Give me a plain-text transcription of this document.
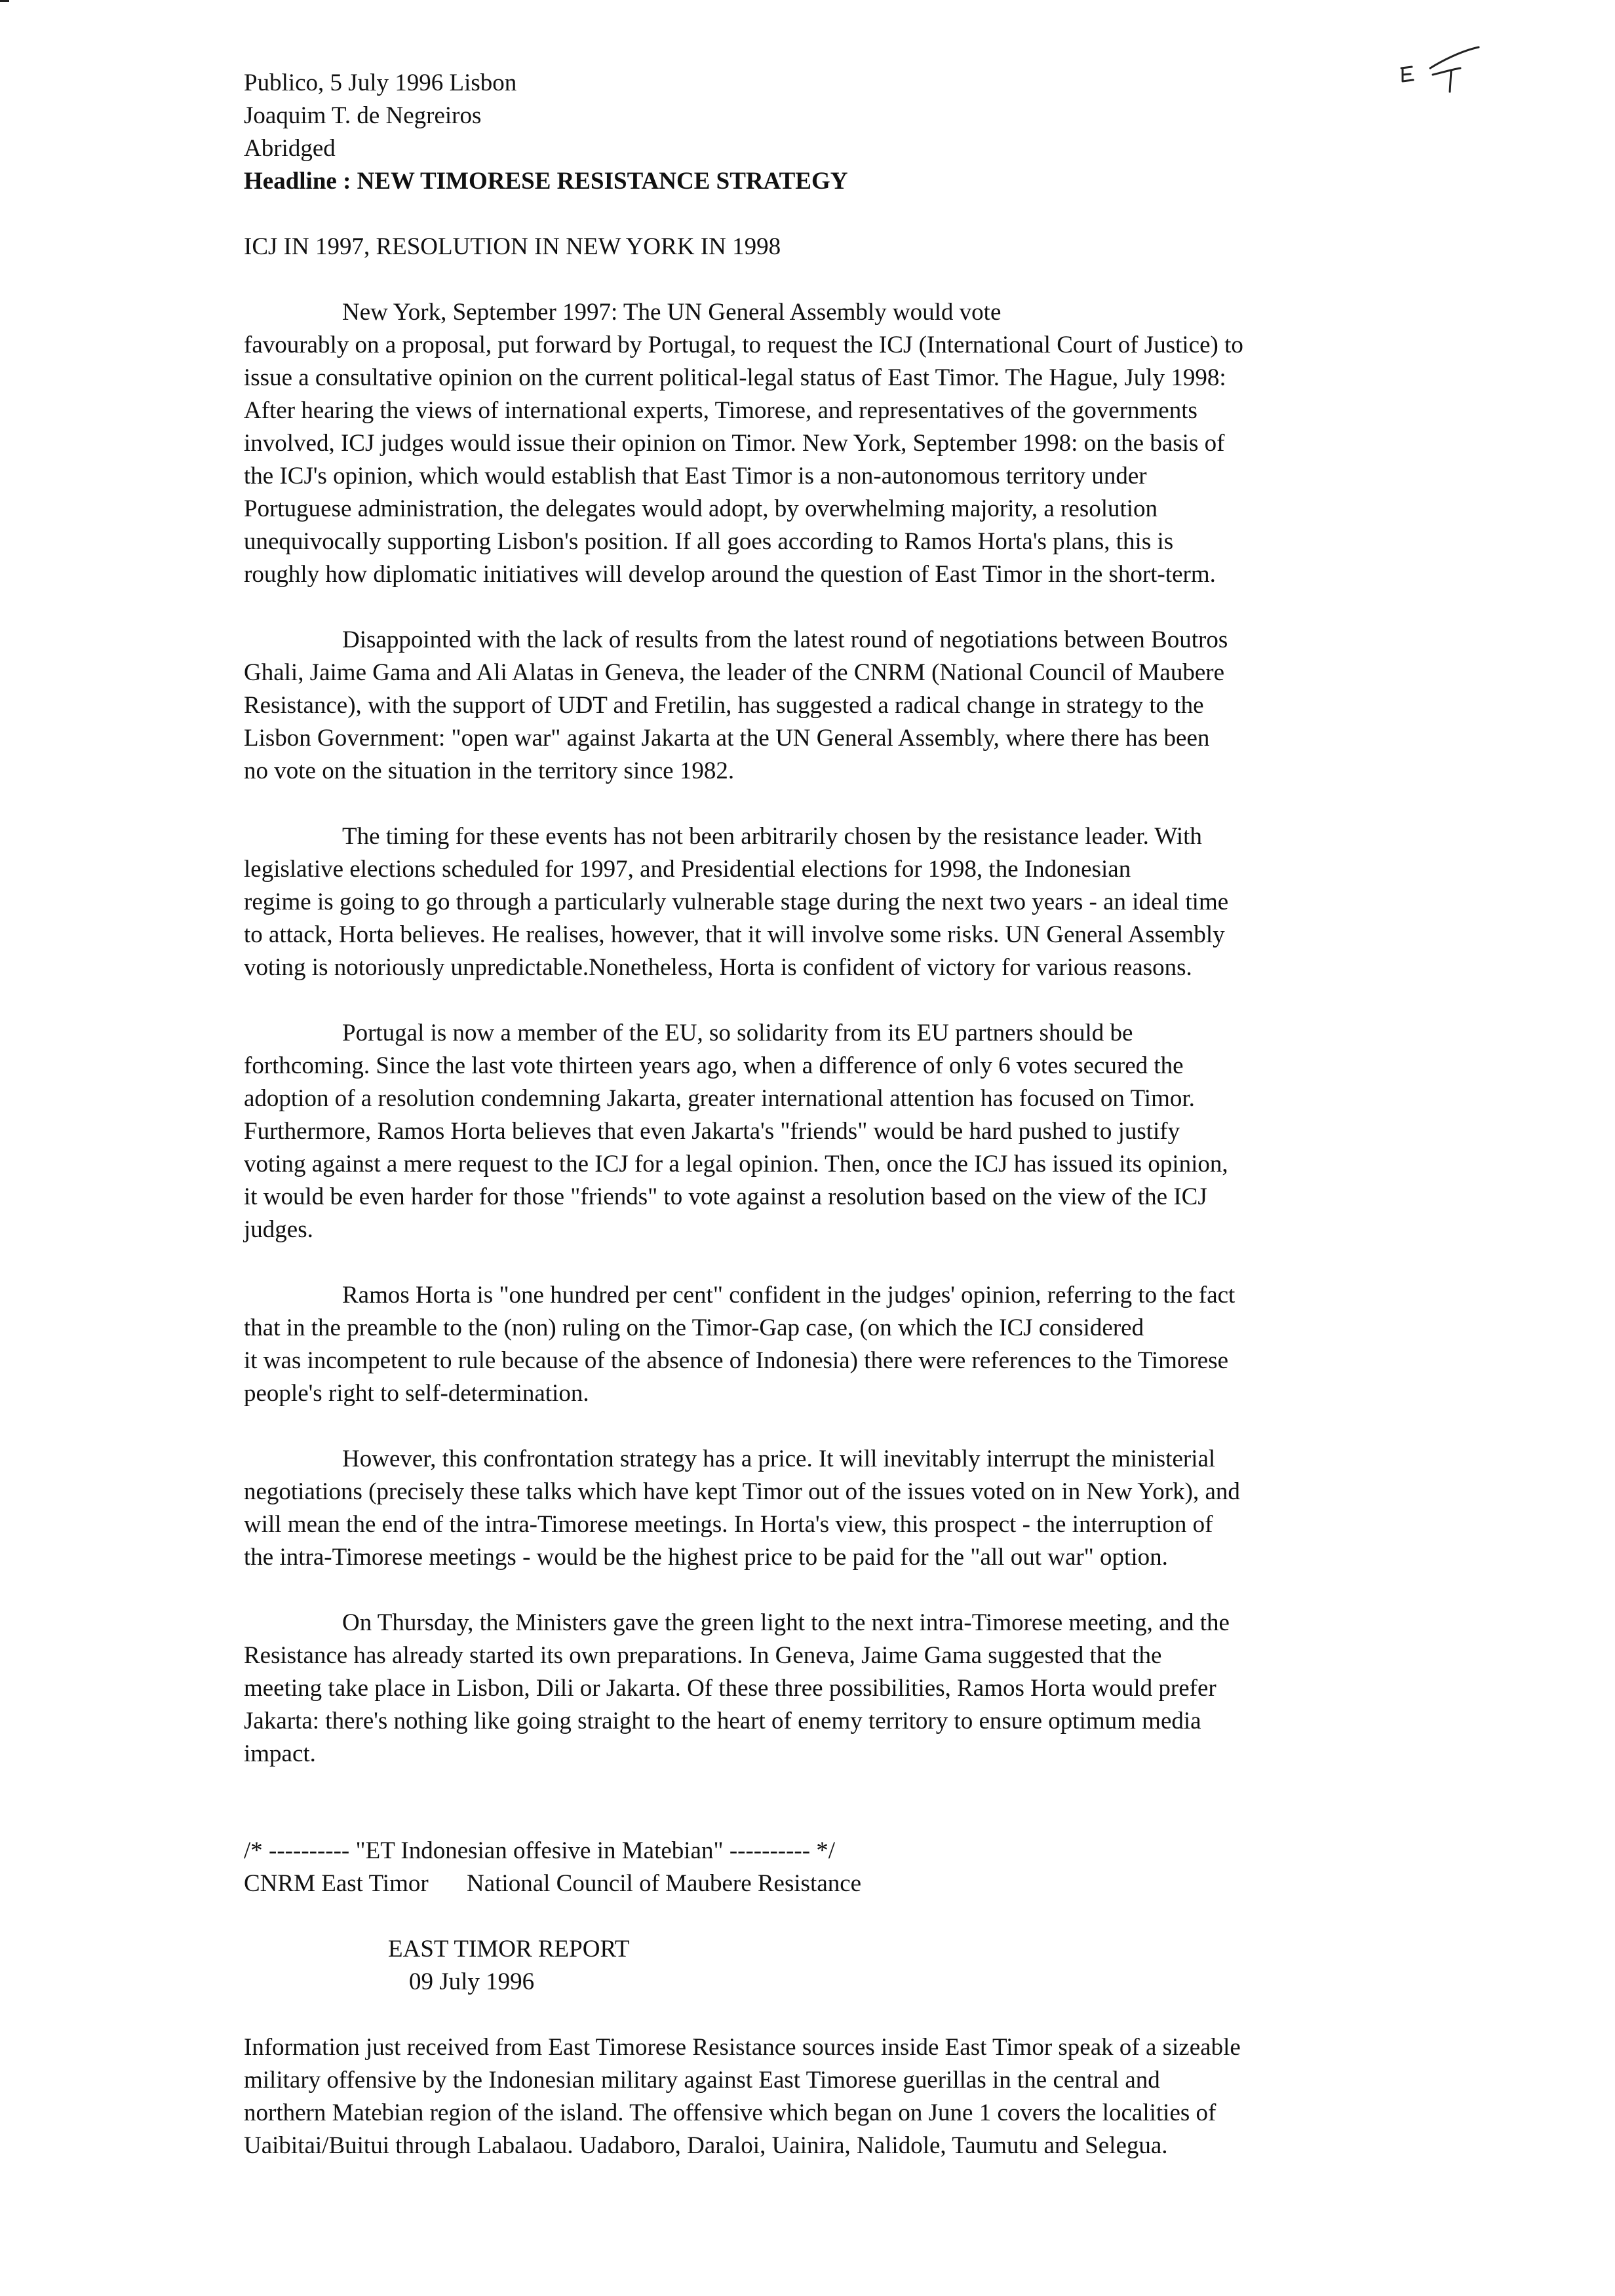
Publico, 5 July 1996 Lisbon
Joaquim T. de Negreiros
Abridged
Headline : NEW TIMORESE RESISTANCE STRATEGY
ICJ IN 1997, RESOLUTION IN NEW YORK IN 1998

New York, September 1997: The UN General Assembly would vote
favourably on a proposal, put forward by Portugal, to request the ICJ (International Court of Justice) to
issue a consultative opinion on the current political-legal status of East Timor. The Hague, July 1998:
After hearing the views of international experts, Timorese, and representatives of the governments
involved, ICJ judges would issue their opinion on Timor. New York, September 1998: on the basis of
the ICJ's opinion, which would establish that East Timor is a non-autonomous territory under
Portuguese administration, the delegates would adopt, by overwhelming majority, a resolution
unequivocally supporting Lisbon's position. If all goes according to Ramos Horta's plans, this is
roughly how diplomatic initiatives will develop around the question of East Timor in the short-term.

Disappointed with the lack of results from the latest round of negotiations between Boutros
Ghali, Jaime Gama and Ali Alatas in Geneva, the leader of the CNRM (National Council of Maubere
Resistance), with the support of UDT and Fretilin, has suggested a radical change in strategy to the
Lisbon Government: "open war" against Jakarta at the UN General Assembly, where there has been
no vote on the situation in the territory since 1982.

The timing for these events has not been arbitrarily chosen by the resistance leader. With
legislative elections scheduled for 1997, and Presidential elections for 1998, the Indonesian
regime is going to go through a particularly vulnerable stage during the next two years - an ideal time
to attack, Horta believes. He realises, however, that it will involve some risks. UN General Assembly
voting is notoriously unpredictable.Nonetheless, Horta is confident of victory for various reasons.

Portugal is now a member of the EU, so solidarity from its EU partners should be
forthcoming. Since the last vote thirteen years ago, when a difference of only 6 votes secured the
adoption of a resolution condemning Jakarta, greater international attention has focused on Timor.
Furthermore, Ramos Horta believes that even Jakarta's "friends" would be hard pushed to justify
voting against a mere request to the ICJ for a legal opinion. Then, once the ICJ has issued its opinion,
it would be even harder for those "friends" to vote against a resolution based on the view of the ICJ
judges.

Ramos Horta is "one hundred per cent" confident in the judges' opinion, referring to the fact
that in the preamble to the (non) ruling on the Timor-Gap case, (on which the ICJ considered
it was incompetent to rule because of the absence of Indonesia) there were references to the Timorese
people's right to self-determination.

However, this confrontation strategy has a price. It will inevitably interrupt the ministerial
negotiations (precisely these talks which have kept Timor out of the issues voted on in New York), and
will mean the end of the intra-Timorese meetings. In Horta's view, this prospect - the interruption of
the intra-Timorese meetings - would be the highest price to be paid for the "all out war" option.

On Thursday, the Ministers gave the green light to the next intra-Timorese meeting, and the
Resistance has already started its own preparations. In Geneva, Jaime Gama suggested that the
meeting take place in Lisbon, Dili or Jakarta. Of these three possibilities, Ramos Horta would prefer
Jakarta: there's nothing like going straight to the heart of enemy territory to ensure optimum media
impact.

/* ---------- "ET Indonesian offesive in Matebian" ---------- */
CNRM East Timor National Council of Maubere Resistance
EAST TIMOR REPORT
09 July 1996
Information just received from East Timorese Resistance sources inside East Timor speak of a sizeable
military offensive by the Indonesian military against East Timorese guerillas in the central and
northern Matebian region of the island. The offensive which began on June 1 covers the localities of
Uaibitai/Buitui through Labalaou. Uadaboro, Daraloi, Uainira, Nalidole, Taumutu and Selegua.
